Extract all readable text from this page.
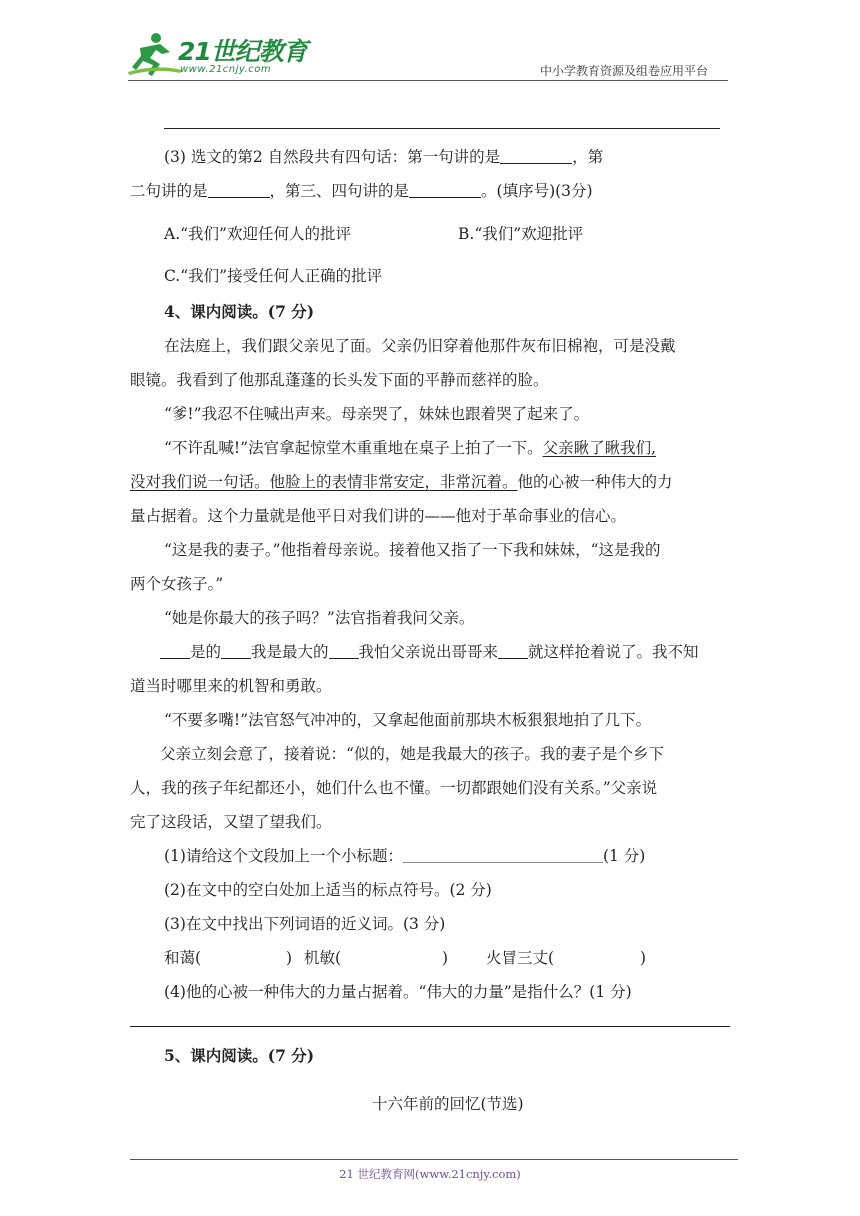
21世纪教育
www.21cnjy.com	中小学教育资源及组卷应用平台
(3) 选文的第2 自然段共有四句话：第一句讲的是	，第
二句讲的是	，第三、四句讲的是	。(填序号)(3分)
A.“我们”欢迎任何人的批评	B.“我们”欢迎批评
C.“我们”接受任何人正确的批评
4、课内阅读。(7 分)
在法庭上，我们跟父亲见了面。父亲仍旧穿着他那件灰布旧棉袍，可是没戴
眼镜。我看到了他那乱蓬蓬的长头发下面的平静而慈祥的脸。
“爹!”我忍不住喊出声来。母亲哭了，妹妹也跟着哭了起来了。
“不许乱喊!”法官拿起惊堂木重重地在桌子上拍了一下。父亲瞅了瞅我们,
没对我们说一句话。他脸上的表情非常安定，非常沉着。他的心被一种伟大的力
量占据着。这个力量就是他平日对我们讲的——他对于革命事业的信心。
“这是我的妻子。”他指着母亲说。接着他又指了一下我和妹妹，“这是我的
两个女孩子。”
“她是你最大的孩子吗？”法官指着我问父亲。
是的 我是最大的 我怕父亲说出哥哥来 就这样抢着说了。我不知
道当时哪里来的机智和勇敢。
“不要多嘴!”法官怒气冲冲的，又拿起他面前那块木板狠狠地拍了几下。
父亲立刻会意了，接着说：“似的，她是我最大的孩子。我的妻子是个乡下
人，我的孩子年纪都还小，她们什么也不懂。一切都跟她们没有关系。”父亲说
完了这段话，又望了望我们。
(1)请给这个文段加上一个小标题：	(1 分)
(2)在文中的空白处加上适当的标点符号。(2 分)
(3)在文中找出下列词语的近义词。(3 分)
和蔼(	) 机敏(	) 火冒三丈(	)
(4)他的心被一种伟大的力量占据着。“伟大的力量”是指什么？(1 分)
5、课内阅读。(7 分)
十六年前的回忆(节选)
21 世纪教育网(www.21cnjy.com)
